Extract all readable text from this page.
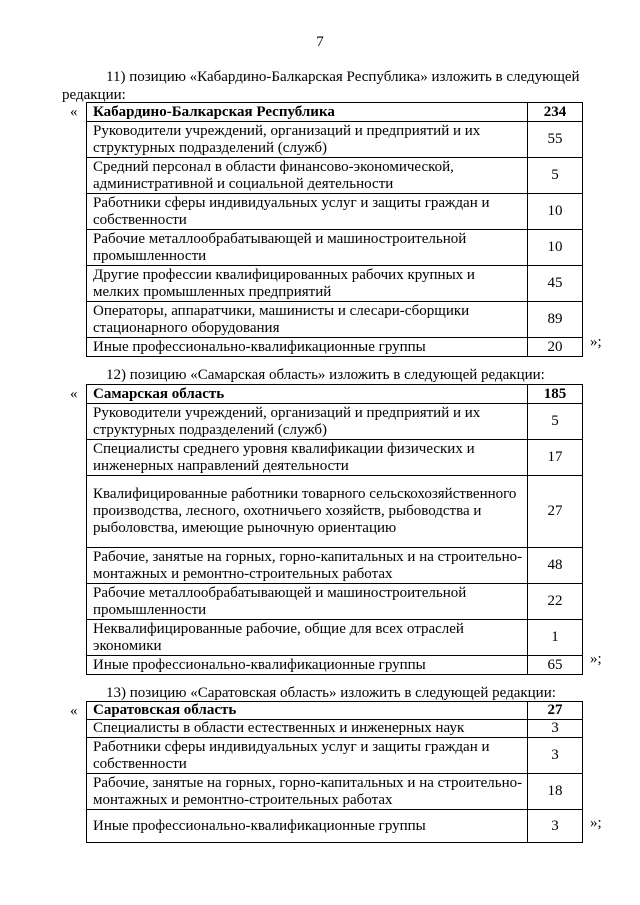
7
11) позицию «Кабардино-Балкарская Республика» изложить в следующей
редакции:
« Кабардино-Балкарская Республика	234
Руководители учреждений, организаций и предприятий и их структурных подразделений (служб)	55
Средний персонал в области финансово-экономической, административной и социальной деятельности	5
Работники сферы индивидуальных услуг и защиты граждан и собственности	10
Рабочие металлообрабатывающей и машиностроительной промышленности	10
Другие профессии квалифицированных рабочих крупных и мелких промышленных предприятий	45
Операторы, аппаратчики, машинисты и слесари-сборщики стационарного оборудования	89
Иные профессионально-квалификационные группы	20 »;
12) позицию «Самарская область» изложить в следующей редакции:
« Самарская область	185
Руководители учреждений, организаций и предприятий и их структурных подразделений (служб)	5
Специалисты среднего уровня квалификации физических и инженерных направлений деятельности	17
Квалифицированные работники товарного сельскохозяйственного производства, лесного, охотничьего хозяйств, рыбоводства и рыболовства, имеющие рыночную ориентацию	27
Рабочие, занятые на горных, горно-капитальных и на строительно-монтажных и ремонтно-строительных работах	48
Рабочие металлообрабатывающей и машиностроительной промышленности	22
Неквалифицированные рабочие, общие для всех отраслей экономики	1
Иные профессионально-квалификационные группы	65 »;
13) позицию «Саратовская область» изложить в следующей редакции:
« Саратовская область	27
Специалисты в области естественных и инженерных наук	3
Работники сферы индивидуальных услуг и защиты граждан и собственности	3
Рабочие, занятые на горных, горно-капитальных и на строительно-монтажных и ремонтно-строительных работах	18
Иные профессионально-квалификационные группы	3 »;
